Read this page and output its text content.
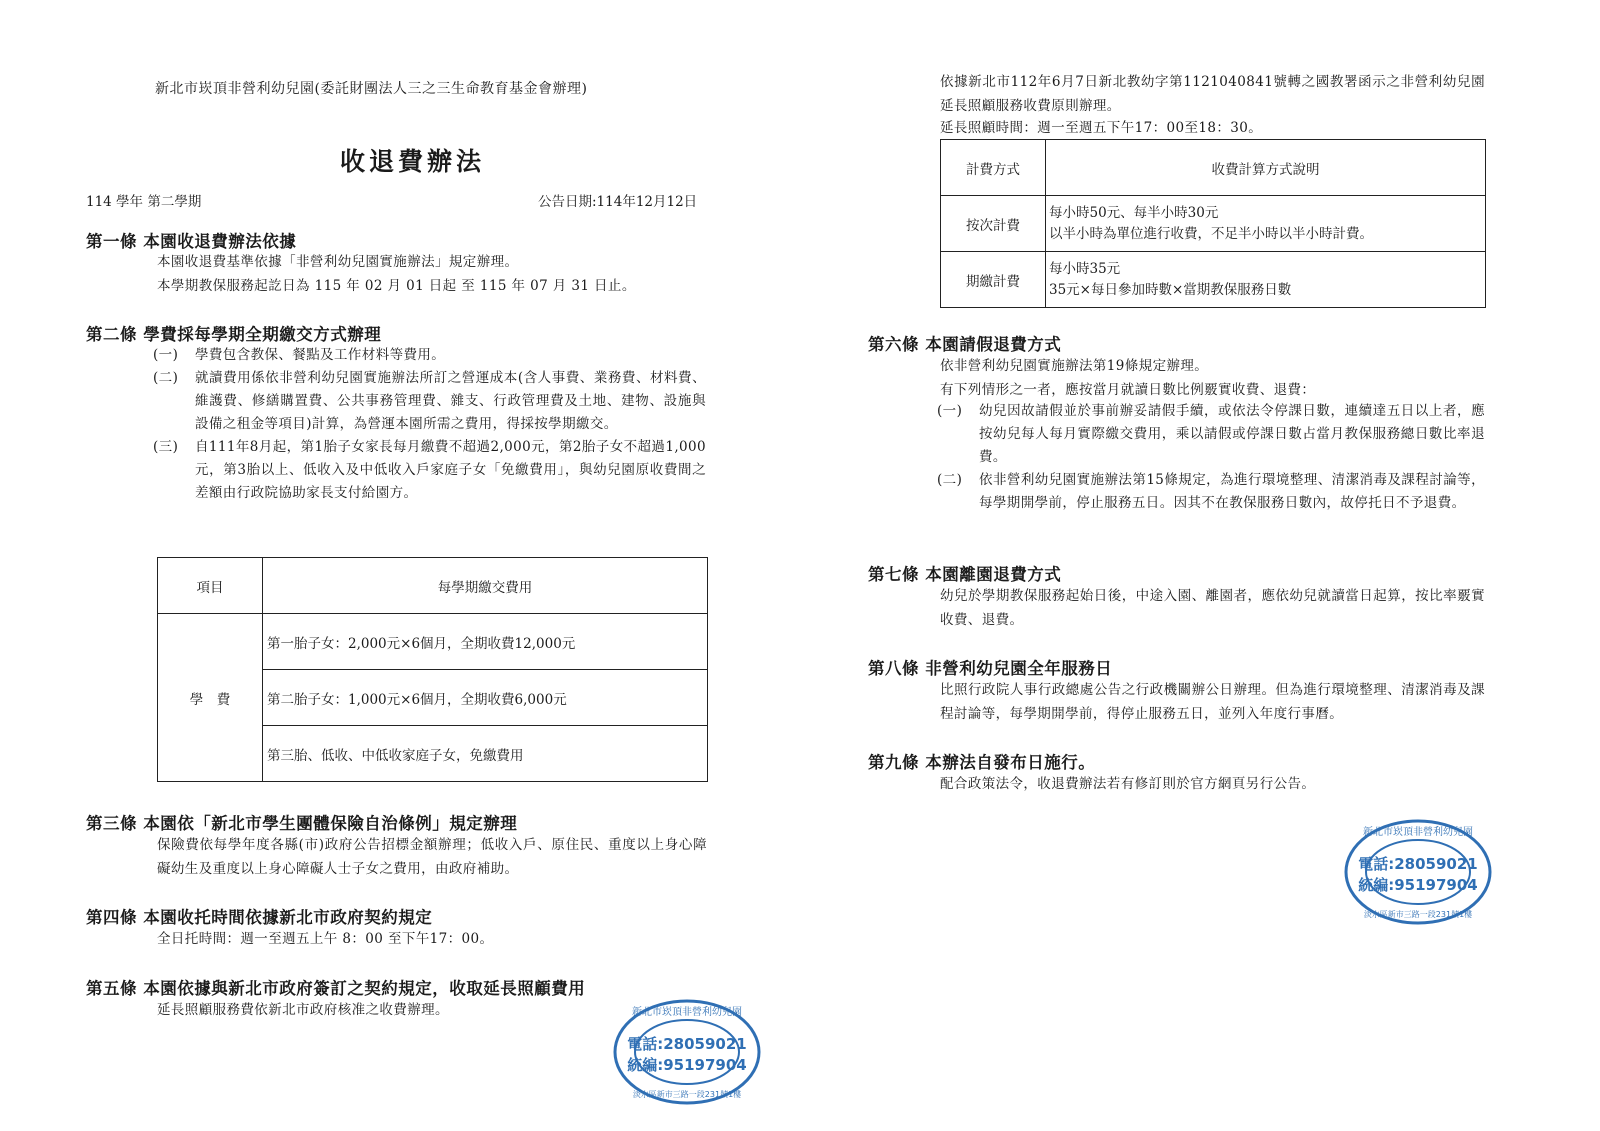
新北市崁頂非營利幼兒園(委託財團法人三之三生命教育基金會辦理)
收退費辦法
114 學年 第二學期	公告日期:114年12月12日
第一條 本園收退費辦法依據
本園收退費基準依據「非營利幼兒園實施辦法」規定辦理。
本學期教保服務起訖日為 115 年 02 月 01 日起 至 115 年 07 月 31 日止。
第二條 學費採每學期全期繳交方式辦理
(一)	學費包含教保、餐點及工作材料等費用。
(二)	就讀費用係依非營利幼兒園實施辦法所訂之營運成本(含人事費、業務費、材料費、維護費、修繕購置費、公共事務管理費、雜支、行政管理費及土地、建物、設施與設備之租金等項目)計算，為營運本園所需之費用，得採按學期繳交。
(三)	自111年8月起，第1胎子女家長每月繳費不超過2,000元，第2胎子女不超過1,000元，第3胎以上、低收入及中低收入戶家庭子女「免繳費用」，與幼兒園原收費間之差額由行政院協助家長支付給園方。
項目	每學期繳交費用
學　費	第一胎子女：2,000元×6個月，全期收費12,000元
	第二胎子女：1,000元×6個月，全期收費6,000元
	第三胎、低收、中低收家庭子女，免繳費用
第三條 本園依「新北市學生團體保險自治條例」規定辦理
保險費依每學年度各縣(市)政府公告招標金額辦理；低收入戶、原住民、重度以上身心障礙幼生及重度以上身心障礙人士子女之費用，由政府補助。
第四條 本園收托時間依據新北市政府契約規定
全日托時間：週一至週五上午 8：00 至下午17：00。
第五條 本園依據與新北市政府簽訂之契約規定，收取延長照顧費用
延長照顧服務費依新北市政府核准之收費辦理。
依據新北市112年6月7日新北教幼字第1121040841號轉之國教署函示之非營利幼兒園延長照顧服務收費原則辦理。
延長照顧時間：週一至週五下午17：00至18：30。
計費方式	收費計算方式說明
按次計費	每小時50元、每半小時30元
以半小時為單位進行收費，不足半小時以半小時計費。

期繳計費	每小時35元
35元×每日參加時數×當期教保服務日數
第六條 本園請假退費方式
依非營利幼兒園實施辦法第19條規定辦理。
有下列情形之一者，應按當月就讀日數比例覈實收費、退費：
(一)	幼兒因故請假並於事前辦妥請假手續，或依法令停課日數，連續達五日以上者，應按幼兒每人每月實際繳交費用，乘以請假或停課日數占當月教保服務總日數比率退費。
(二)	依非營利幼兒園實施辦法第15條規定，為進行環境整理、清潔消毒及課程討論等，每學期開學前，停止服務五日。因其不在教保服務日數內，故停托日不予退費。
第七條 本園離園退費方式
幼兒於學期教保服務起始日後，中途入園、離園者，應依幼兒就讀當日起算，按比率覈實收費、退費。
第八條 非營利幼兒園全年服務日
比照行政院人事行政總處公告之行政機關辦公日辦理。但為進行環境整理、清潔消毒及課程討論等，每學期開學前，得停止服務五日，並列入年度行事曆。
第九條 本辦法自發布日施行。
配合政策法令，收退費辦法若有修訂則於官方網頁另行公告。
電話:28059021
統編:95197904
新北市崁頂非營利幼兒園
淡水區新市三路一段231號1樓
電話:28059021
統編:95197904
新北市崁頂非營利幼兒園
淡水區新市三路一段231號1樓
